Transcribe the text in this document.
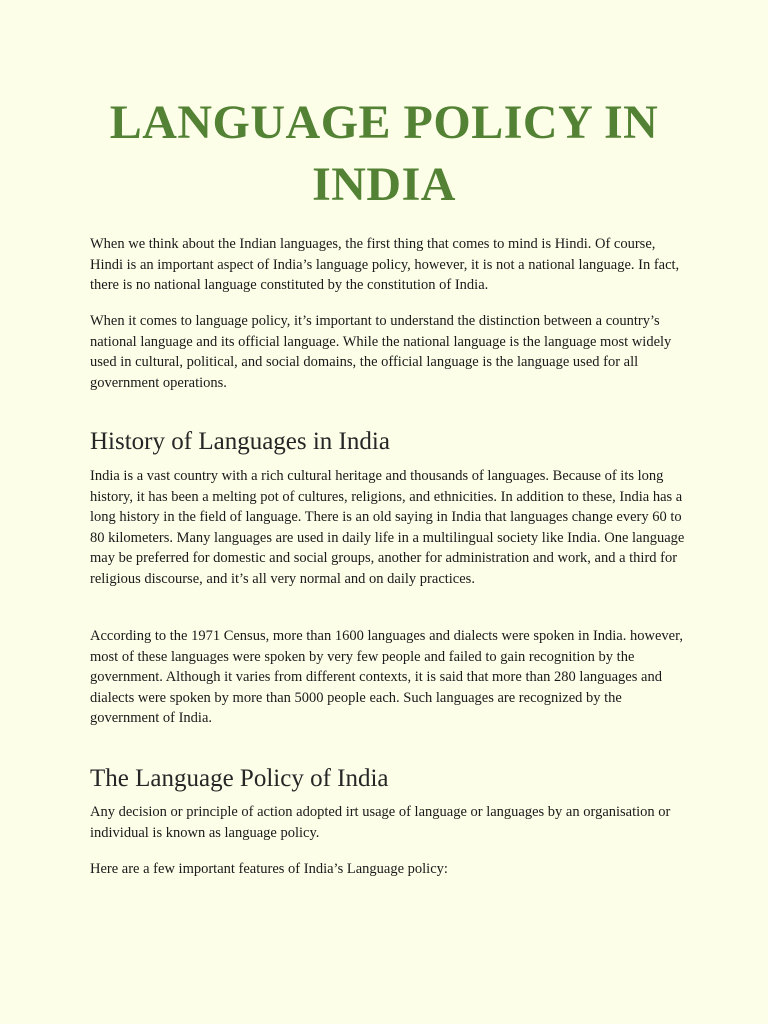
LANGUAGE POLICY IN
INDIA

When we think about the Indian languages, the first thing that comes to mind is Hindi. Of course, Hindi is an important aspect of India’s language policy, however, it is not a national language. In fact, there is no national language constituted by the constitution of India.

When it comes to language policy, it’s important to understand the distinction between a country’s national language and its official language. While the national language is the language most widely used in cultural, political, and social domains, the official language is the language used for all government operations.

History of Languages in India

India is a vast country with a rich cultural heritage and thousands of languages. Because of its long history, it has been a melting pot of cultures, religions, and ethnicities. In addition to these, India has a long history in the field of language. There is an old saying in India that languages change every 60 to 80 kilometers. Many languages are used in daily life in a multilingual society like India. One language may be preferred for domestic and social groups, another for administration and work, and a third for religious discourse, and it’s all very normal and on daily practices.

According to the 1971 Census, more than 1600 languages and dialects were spoken in India. however, most of these languages were spoken by very few people and failed to gain recognition by the government. Although it varies from different contexts, it is said that more than 280 languages and dialects were spoken by more than 5000 people each. Such languages are recognized by the government of India.

The Language Policy of India

Any decision or principle of action adopted irt usage of language or languages by an organisation or individual is known as language policy.

Here are a few important features of India’s Language policy:
